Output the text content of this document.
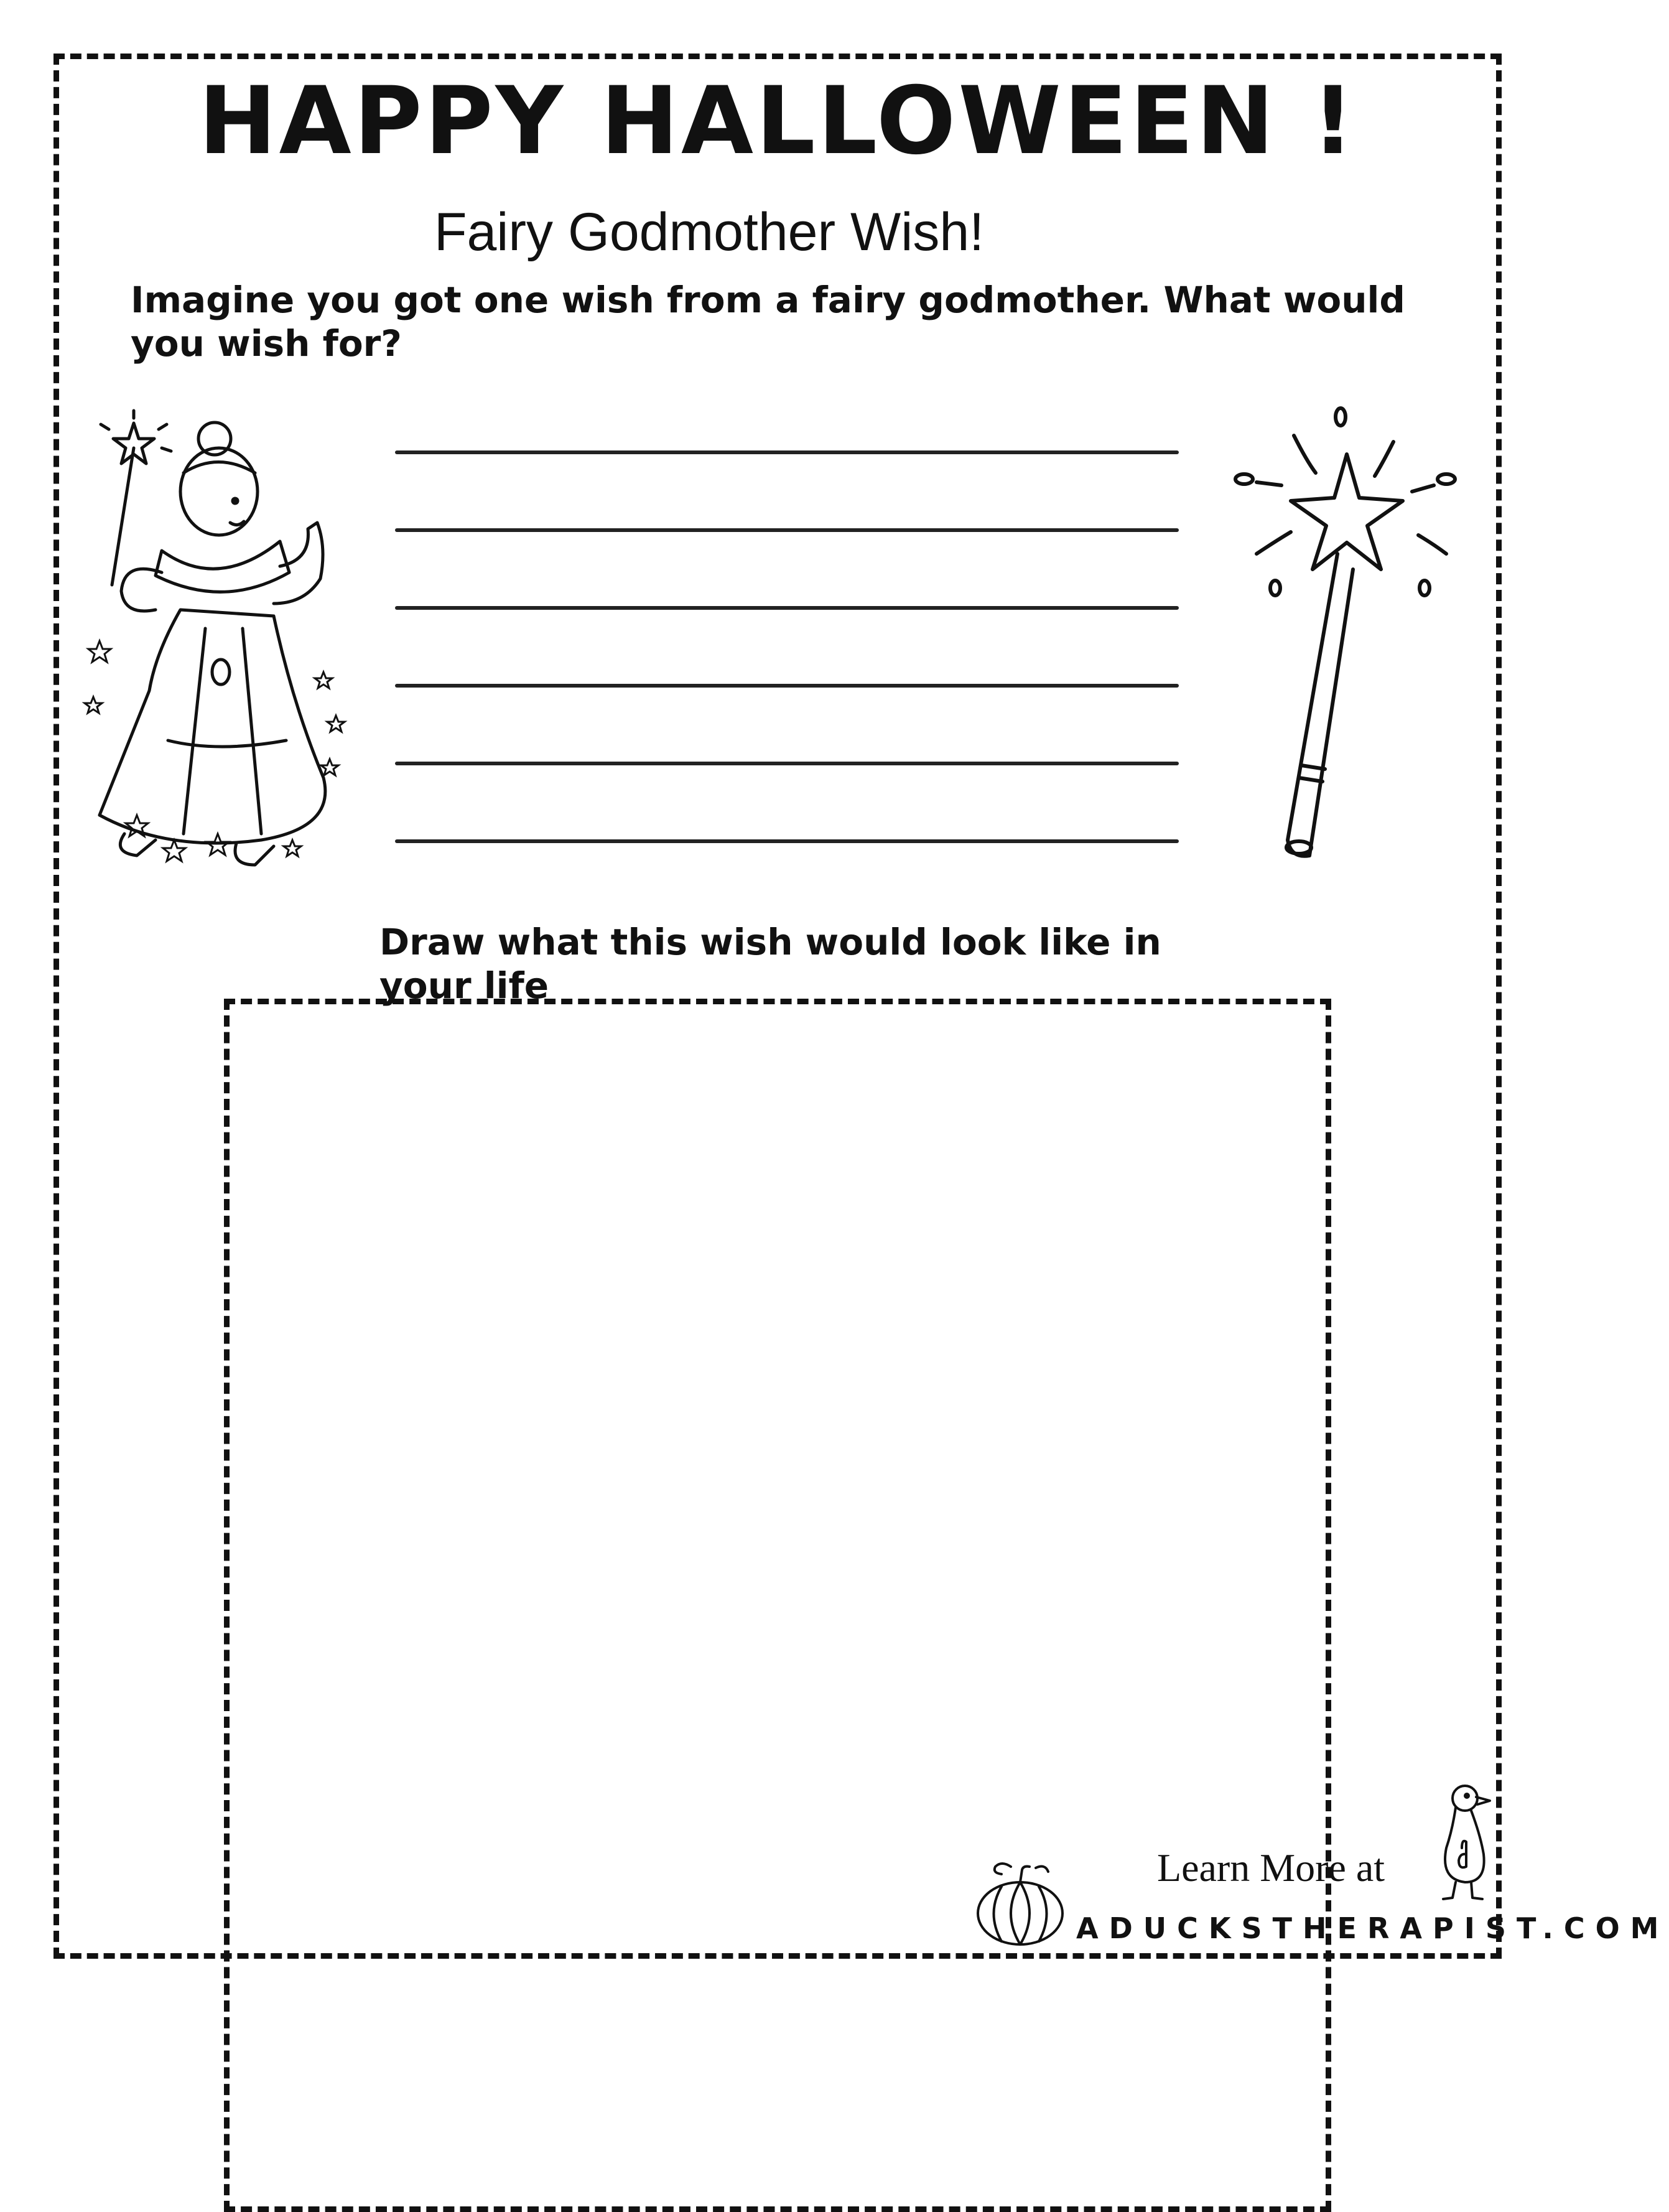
HAPPY HALLOWEEN !
Fairy Godmother Wish!
Imagine you got one wish from a fairy godmother. What would you wish for?
Draw what this wish would look like in your life
Learn More at
ADUCKSTHERAPIST.COM
